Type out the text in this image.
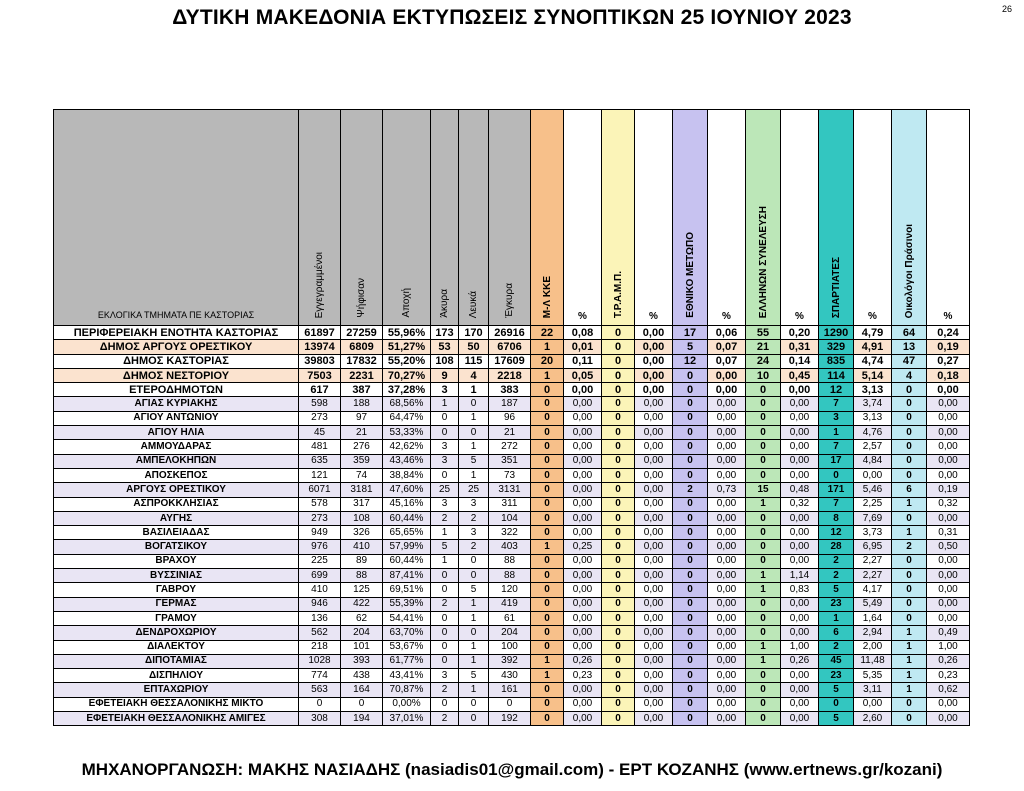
ΔΥΤΙΚΗ ΜΑΚΕΔΟΝΙΑ ΕΚΤΥΠΩΣΕΙΣ ΣΥΝΟΠΤΙΚΩΝ 25 ΙΟΥΝΙΟΥ 2023	26
ΕΚΛΟΓΙΚΑ ΤΜΗΜΑΤΑ ΠΕ ΚΑΣΤΟΡΙΑΣ	Εγγεγραμμένοι	Ψήφισαν	Αποχή	Άκυρα	Λευκά	Έγκυρα	Μ-Λ ΚΚΕ	%	Τ.Ρ.Α.Μ.Π.	%	ΕΘΝΙΚΟ ΜΕΤΩΠΟ	%	ΕΛΛΗΝΩΝ ΣΥΝΕΛΕΥΣΗ	%	ΣΠΑΡΤΙΑΤΕΣ	%	Οικολόγοι Πράσινοι	%
ΠΕΡΙΦΕΡΕΙΑΚΗ ΕΝΟΤΗΤΑ ΚΑΣΤΟΡΙΑΣ	61897	27259	55,96%	173	170	26916	22	0,08	0	0,00	17	0,06	55	0,20	1290	4,79	64	0,24
ΔΗΜΟΣ ΑΡΓΟΥΣ ΟΡΕΣΤΙΚΟΥ	13974	6809	51,27%	53	50	6706	1	0,01	0	0,00	5	0,07	21	0,31	329	4,91	13	0,19
ΔΗΜΟΣ ΚΑΣΤΟΡΙΑΣ	39803	17832	55,20%	108	115	17609	20	0,11	0	0,00	12	0,07	24	0,14	835	4,74	47	0,27
ΔΗΜΟΣ ΝΕΣΤΟΡΙΟΥ	7503	2231	70,27%	9	4	2218	1	0,05	0	0,00	0	0,00	10	0,45	114	5,14	4	0,18
ΕΤΕΡΟΔΗΜΟΤΩΝ	617	387	37,28%	3	1	383	0	0,00	0	0,00	0	0,00	0	0,00	12	3,13	0	0,00
ΑΓΙΑΣ ΚΥΡΙΑΚΗΣ	598	188	68,56%	1	0	187	0	0,00	0	0,00	0	0,00	0	0,00	7	3,74	0	0,00
ΑΓΙΟΥ ΑΝΤΩΝΙΟΥ	273	97	64,47%	0	1	96	0	0,00	0	0,00	0	0,00	0	0,00	3	3,13	0	0,00
ΑΓΙΟΥ ΗΛΙΑ	45	21	53,33%	0	0	21	0	0,00	0	0,00	0	0,00	0	0,00	1	4,76	0	0,00
ΑΜΜΟΥΔΑΡΑΣ	481	276	42,62%	3	1	272	0	0,00	0	0,00	0	0,00	0	0,00	7	2,57	0	0,00
ΑΜΠΕΛΟΚΗΠΩΝ	635	359	43,46%	3	5	351	0	0,00	0	0,00	0	0,00	0	0,00	17	4,84	0	0,00
ΑΠΟΣΚΕΠΟΣ	121	74	38,84%	0	1	73	0	0,00	0	0,00	0	0,00	0	0,00	0	0,00	0	0,00
ΑΡΓΟΥΣ ΟΡΕΣΤΙΚΟΥ	6071	3181	47,60%	25	25	3131	0	0,00	0	0,00	2	0,73	15	0,48	171	5,46	6	0,19
ΑΣΠΡΟΚΚΛΗΣΙΑΣ	578	317	45,16%	3	3	311	0	0,00	0	0,00	0	0,00	1	0,32	7	2,25	1	0,32
ΑΥΓΗΣ	273	108	60,44%	2	2	104	0	0,00	0	0,00	0	0,00	0	0,00	8	7,69	0	0,00
ΒΑΣΙΛΕΙΑΔΑΣ	949	326	65,65%	1	3	322	0	0,00	0	0,00	0	0,00	0	0,00	12	3,73	1	0,31
ΒΟΓΑΤΣΙΚΟΥ	976	410	57,99%	5	2	403	1	0,25	0	0,00	0	0,00	0	0,00	28	6,95	2	0,50
ΒΡΑΧΟΥ	225	89	60,44%	1	0	88	0	0,00	0	0,00	0	0,00	0	0,00	2	2,27	0	0,00
ΒΥΣΣΙΝΙΑΣ	699	88	87,41%	0	0	88	0	0,00	0	0,00	0	0,00	1	1,14	2	2,27	0	0,00
ΓΑΒΡΟΥ	410	125	69,51%	0	5	120	0	0,00	0	0,00	0	0,00	1	0,83	5	4,17	0	0,00
ΓΕΡΜΑΣ	946	422	55,39%	2	1	419	0	0,00	0	0,00	0	0,00	0	0,00	23	5,49	0	0,00
ΓΡΑΜΟΥ	136	62	54,41%	0	1	61	0	0,00	0	0,00	0	0,00	0	0,00	1	1,64	0	0,00
ΔΕΝΔΡΟΧΩΡΙΟΥ	562	204	63,70%	0	0	204	0	0,00	0	0,00	0	0,00	0	0,00	6	2,94	1	0,49
ΔΙΑΛΕΚΤΟΥ	218	101	53,67%	0	1	100	0	0,00	0	0,00	0	0,00	1	1,00	2	2,00	1	1,00
ΔΙΠΟΤΑΜΙΑΣ	1028	393	61,77%	0	1	392	1	0,26	0	0,00	0	0,00	1	0,26	45	11,48	1	0,26
ΔΙΣΠΗΛΙΟΥ	774	438	43,41%	3	5	430	1	0,23	0	0,00	0	0,00	0	0,00	23	5,35	1	0,23
ΕΠΤΑΧΩΡΙΟΥ	563	164	70,87%	2	1	161	0	0,00	0	0,00	0	0,00	0	0,00	5	3,11	1	0,62
ΕΦΕΤΕΙΑΚΗ ΘΕΣΣΑΛΟΝΙΚΗΣ ΜΙΚΤΟ	0	0	0,00%	0	0	0	0	0,00	0	0,00	0	0,00	0	0,00	0	0,00	0	0,00
ΕΦΕΤΕΙΑΚΗ ΘΕΣΣΑΛΟΝΙΚΗΣ ΑΜΙΓΕΣ	308	194	37,01%	2	0	192	0	0,00	0	0,00	0	0,00	0	0,00	5	2,60	0	0,00
ΜΗΧΑΝΟΡΓΑΝΩΣΗ: ΜΑΚΗΣ ΝΑΣΙΑΔΗΣ (nasiadis01@gmail.com) - ΕΡΤ ΚΟΖΑΝΗΣ (www.ertnews.gr/kozani)
